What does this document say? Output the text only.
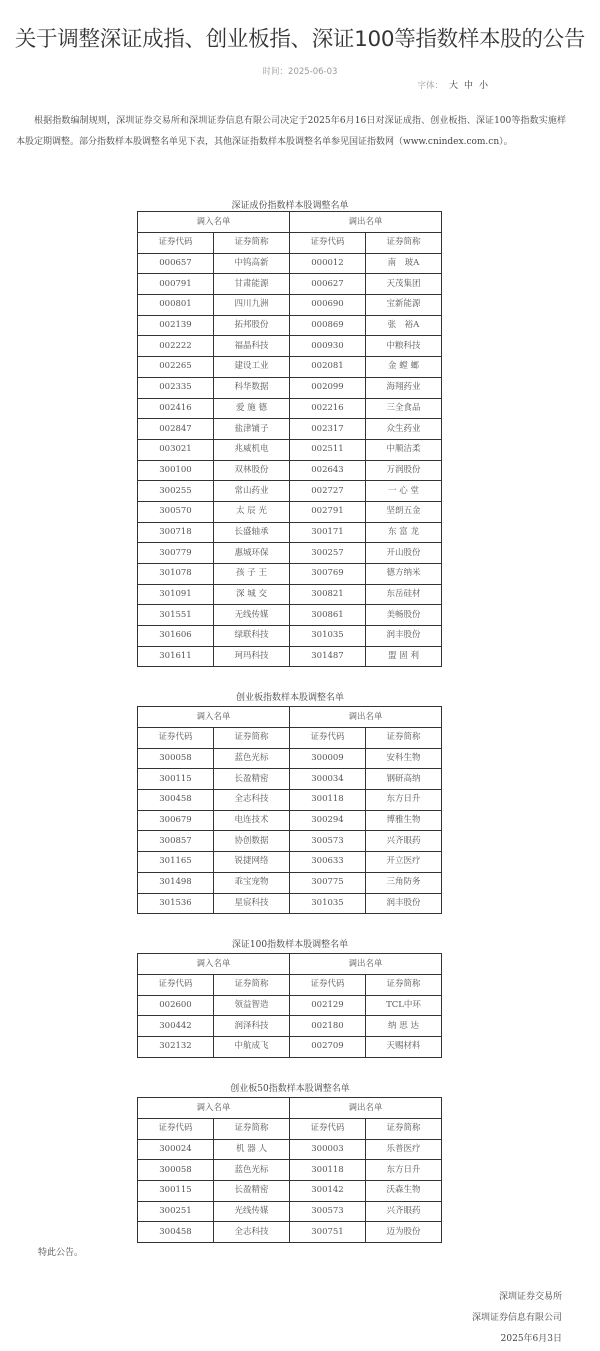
关于调整深证成指、创业板指、深证100等指数样本股的公告
时间：2025-06-03
字体： 大 中 小

根据指数编制规则，深圳证券交易所和深圳证券信息有限公司决定于2025年6月16日对深证成指、创业板指、深证100等指数实施样本股定期调整。部分指数样本股调整名单见下表，其他深证指数样本股调整名单参见国证指数网（www.cnindex.com.cn）。

深证成份指数样本股调整名单
调入名单		调出名单	
证券代码	证券简称	证券代码	证券简称
000657	中钨高新	000012	南　玻A
000791	甘肃能源	000627	天茂集团
000801	四川九洲	000690	宝新能源
002139	拓邦股份	000869	张　裕A
002222	福晶科技	000930	中粮科技
002265	建设工业	002081	金 螳 螂
002335	科华数据	002099	海翔药业
002416	爱 施 德	002216	三全食品
002847	盐津铺子	002317	众生药业
003021	兆威机电	002511	中顺洁柔
300100	双林股份	002643	万润股份
300255	常山药业	002727	一 心 堂
300570	太 辰 光	002791	坚朗五金
300718	长盛轴承	300171	东 富 龙
300779	惠城环保	300257	开山股份
301078	孩 子 王	300769	德方纳米
301091	深 城 交	300821	东岳硅材
301551	无线传媒	300861	美畅股份
301606	绿联科技	301035	润丰股份
301611	珂玛科技	301487	盟 固 利
创业板指数样本股调整名单
调入名单		调出名单	
证券代码	证券简称	证券代码	证券简称
300058	蓝色光标	300009	安科生物
300115	长盈精密	300034	钢研高纳
300458	全志科技	300118	东方日升
300679	电连技术	300294	博雅生物
300857	协创数据	300573	兴齐眼药
301165	锐捷网络	300633	开立医疗
301498	乖宝宠物	300775	三角防务
301536	星宸科技	301035	润丰股份
深证100指数样本股调整名单
调入名单		调出名单	
证券代码	证券简称	证券代码	证券简称
002600	领益智造	002129	TCL中环
300442	润泽科技	002180	纳 思 达
302132	中航成飞	002709	天赐材料
创业板50指数样本股调整名单
调入名单		调出名单	
证券代码	证券简称	证券代码	证券简称
300024	机 器 人	300003	乐普医疗
300058	蓝色光标	300118	东方日升
300115	长盈精密	300142	沃森生物
300251	光线传媒	300573	兴齐眼药
300458	全志科技	300751	迈为股份
特此公告。
深圳证券交易所
深圳证券信息有限公司
2025年6月3日
